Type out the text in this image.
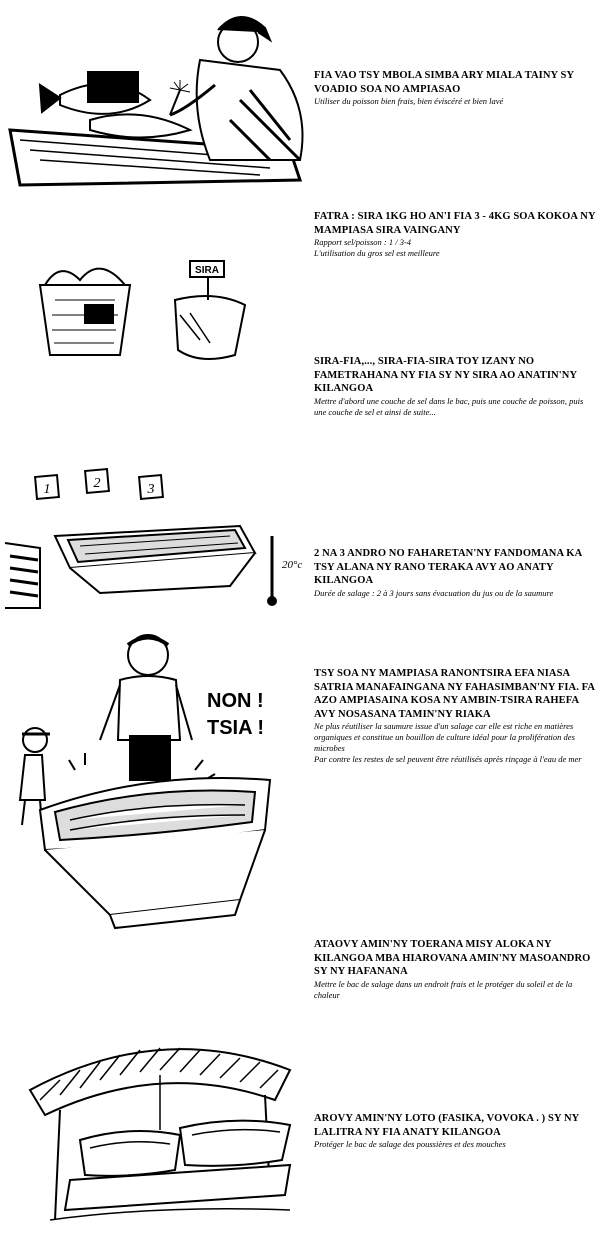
FIA VAO TSY MBOLA SIMBA ARY MIALA TAINY SY VOADIO SOA NO AMPIASAO
Utiliser du poisson bien frais, bien éviscéré et bien lavé
SIRA
FATRA : SIRA 1KG HO AN'I FIA 3 - 4KG SOA KOKOA NY MAMPIASA SIRA VAINGANY
Rapport sel/poisson : 1 / 3-4
L'utilisation du gros sel est meilleure
SIRA-FIA,..., SIRA-FIA-SIRA TOY IZANY NO FAMETRAHANA NY FIA SY NY SIRA AO ANATIN'NY KILANGOA
Mettre d'abord une couche de sel dans le bac, puis une couche de poisson, puis une couche de sel et ainsi de suite...
1	2	3
20°c
2 NA 3 ANDRO NO FAHARETAN'NY FANDOMANA KA TSY ALANA NY RANO TERAKA AVY AO ANATY KILANGOA
Durée de salage : 2 à 3 jours sans évacuation du jus ou de la saumure
NON !
TSIA !
TSY SOA NY MAMPIASA RANONTSIRA EFA NIASA SATRIA MANAFAINGANA NY FAHASIMBAN'NY FIA. FA AZO AMPIASAINA KOSA NY AMBIN-TSIRA RAHEFA AVY NOSASANA TAMIN'NY RIAKA
Ne plus réutiliser la saumure issue d'un salage car elle est riche en matières organiques et constitue un bouillon de culture idéal pour la prolifération des microbes
Par contre les restes de sel peuvent être réutilisés après rinçage à l'eau de mer
ATAOVY AMIN'NY TOERANA MISY ALOKA NY KILANGOA MBA HIAROVANA AMIN'NY MASOANDRO SY NY HAFANANA
Mettre le bac de salage dans un endroit frais et le protéger du soleil et de la chaleur
AROVY AMIN'NY LOTO (FASIKA, VOVOKA . ) SY NY LALITRA NY FIA ANATY KILANGOA
Protéger le bac de salage des poussières et des mouches
